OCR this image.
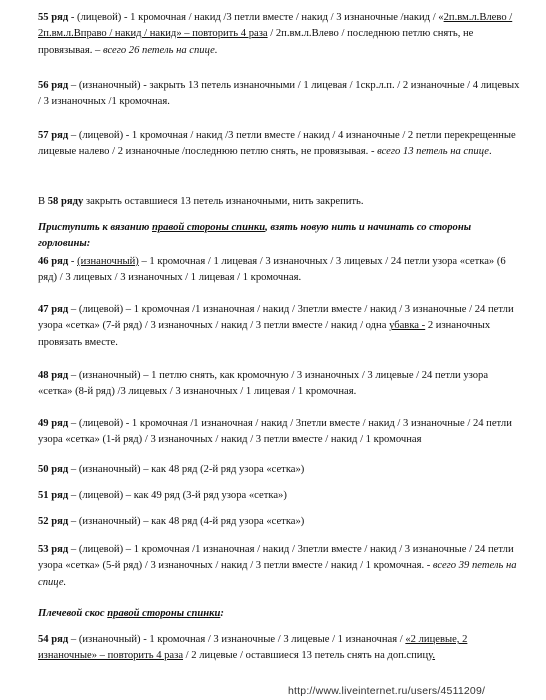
55 ряд - (лицевой) - 1 кромочная / накид /3 петли вместе / накид / 3 изнаночные /накид / «2п.вм.л.Влево / 2п.вм.л.Вправо / накид / накид» – повторить 4 раза / 2п.вм.л.Влево / последнюю петлю снять, не провязывая. – всего 26 петель на спице.

56 ряд – (изнаночный) - закрыть 13 петель изнаночными / 1 лицевая / 1скр.л.п. / 2 изнаночные / 4 лицевых / 3 изнаночных /1 кромочная.

57 ряд – (лицевой) - 1 кромочная / накид /3 петли вместе / накид / 4 изнаночные / 2 петли перекрещенные лицевые налево / 2 изнаночные /последнюю петлю снять, не провязывая. - всего 13 петель на спице.

В 58 ряду закрыть оставшиеся 13 петель изнаночными, нить закрепить.

Приступить к вязанию правой стороны спинки, взять новую нить и начинать со стороны горловины:

46 ряд - (изнаночный) – 1 кромочная / 1 лицевая / 3 изнаночных / 3 лицевых / 24 петли узора «сетка» (6 ряд) / 3 лицевых / 3 изнаночных / 1 лицевая / 1 кромочная.

47 ряд – (лицевой) – 1 кромочная /1 изнаночная / накид / 3петли вместе / накид / 3 изнаночные / 24 петли узора «сетка» (7-й ряд) / 3 изнаночных / накид / 3 петли вместе / накид / одна убавка - 2 изнаночных провязать вместе.

48 ряд – (изнаночный) – 1 петлю снять, как кромочную / 3 изнаночных / 3 лицевые / 24 петли узора «сетка» (8-й ряд) /3 лицевых / 3 изнаночных / 1 лицевая / 1 кромочная.

49 ряд – (лицевой) - 1 кромочная /1 изнаночная / накид / 3петли вместе / накид / 3 изнаночные / 24 петли узора «сетка» (1-й ряд) / 3 изнаночных / накид / 3 петли вместе / накид / 1 кромочная

50 ряд – (изнаночный) – как 48 ряд (2-й ряд узора «сетка»)

51 ряд – (лицевой) – как 49 ряд (3-й ряд узора «сетка»)

52 ряд – (изнаночный) – как 48 ряд (4-й ряд узора «сетка»)

53 ряд – (лицевой) – 1 кромочная /1 изнаночная / накид / 3петли вместе / накид / 3 изнаночные / 24 петли узора «сетка» (5-й ряд) / 3 изнаночных / накид / 3 петли вместе / накид / 1 кромочная. - всего 39 петель на спице.

Плечевой скос правой стороны спинки:

54 ряд – (изнаночный) - 1 кромочная / 3 изнаночные / 3 лицевые / 1 изнаночная / «2 лицевые, 2 изнаночные» – повторить 4 раза / 2 лицевые / оставшиеся 13 петель снять на доп.спицу.

http://www.liveinternet.ru/users/4511209/
